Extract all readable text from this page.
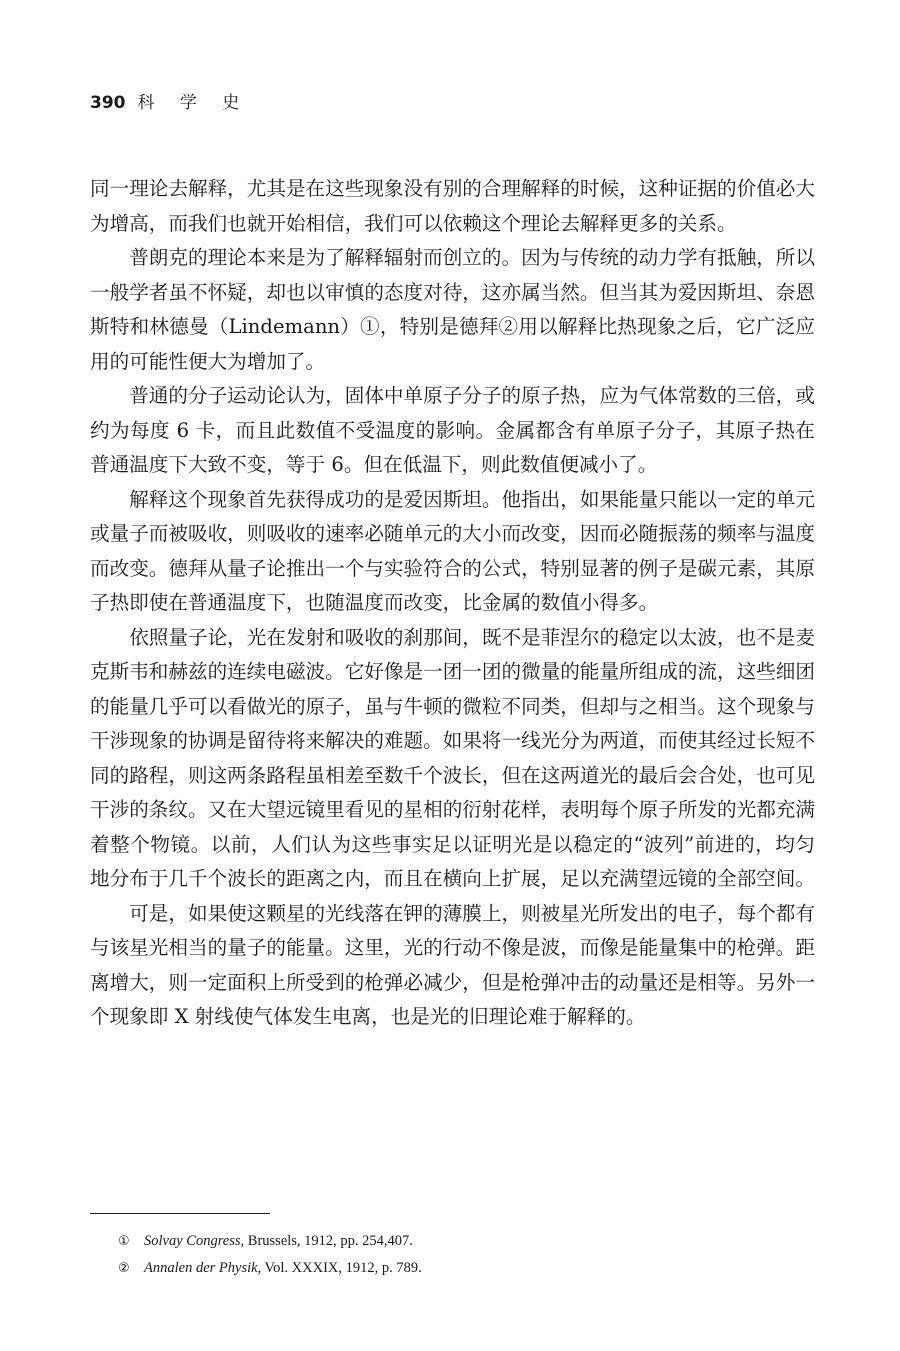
390 科 学 史

同一理论去解释，尤其是在这些现象没有别的合理解释的时候，这种证据的价值必大为增高，而我们也就开始相信，我们可以依赖这个理论去解释更多的关系。

普朗克的理论本来是为了解释辐射而创立的。因为与传统的动力学有抵触，所以一般学者虽不怀疑，却也以审慎的态度对待，这亦属当然。但当其为爱因斯坦、奈恩斯特和林德曼（Lindemann）①，特别是德拜②用以解释比热现象之后，它广泛应用的可能性便大为增加了。

普通的分子运动论认为，固体中单原子分子的原子热，应为气体常数的三倍，或约为每度 6 卡，而且此数值不受温度的影响。金属都含有单原子分子，其原子热在普通温度下大致不变，等于 6。但在低温下，则此数值便减小了。

解释这个现象首先获得成功的是爱因斯坦。他指出，如果能量只能以一定的单元或量子而被吸收，则吸收的速率必随单元的大小而改变，因而必随振荡的频率与温度而改变。德拜从量子论推出一个与实验符合的公式，特别显著的例子是碳元素，其原子热即使在普通温度下，也随温度而改变，比金属的数值小得多。

依照量子论，光在发射和吸收的刹那间，既不是菲涅尔的稳定以太波，也不是麦克斯韦和赫兹的连续电磁波。它好像是一团一团的微量的能量所组成的流，这些细团的能量几乎可以看做光的原子，虽与牛顿的微粒不同类，但却与之相当。这个现象与干涉现象的协调是留待将来解决的难题。如果将一线光分为两道，而使其经过长短不同的路程，则这两条路程虽相差至数千个波长，但在这两道光的最后会合处，也可见干涉的条纹。又在大望远镜里看见的星相的衍射花样，表明每个原子所发的光都充满着整个物镜。以前，人们认为这些事实足以证明光是以稳定的“波列”前进的，均匀地分布于几千个波长的距离之内，而且在横向上扩展，足以充满望远镜的全部空间。

可是，如果使这颗星的光线落在钾的薄膜上，则被星光所发出的电子，每个都有与该星光相当的量子的能量。这里，光的行动不像是波，而像是能量集中的枪弹。距离增大，则一定面积上所受到的枪弹必减少，但是枪弹冲击的动量还是相等。另外一个现象即 X 射线使气体发生电离，也是光的旧理论难于解释的。

① Solvay Congress , Brussels, 1912, pp. 254,407.
② Annalen der Physik , Vol. XXXIX, 1912, p. 789.
